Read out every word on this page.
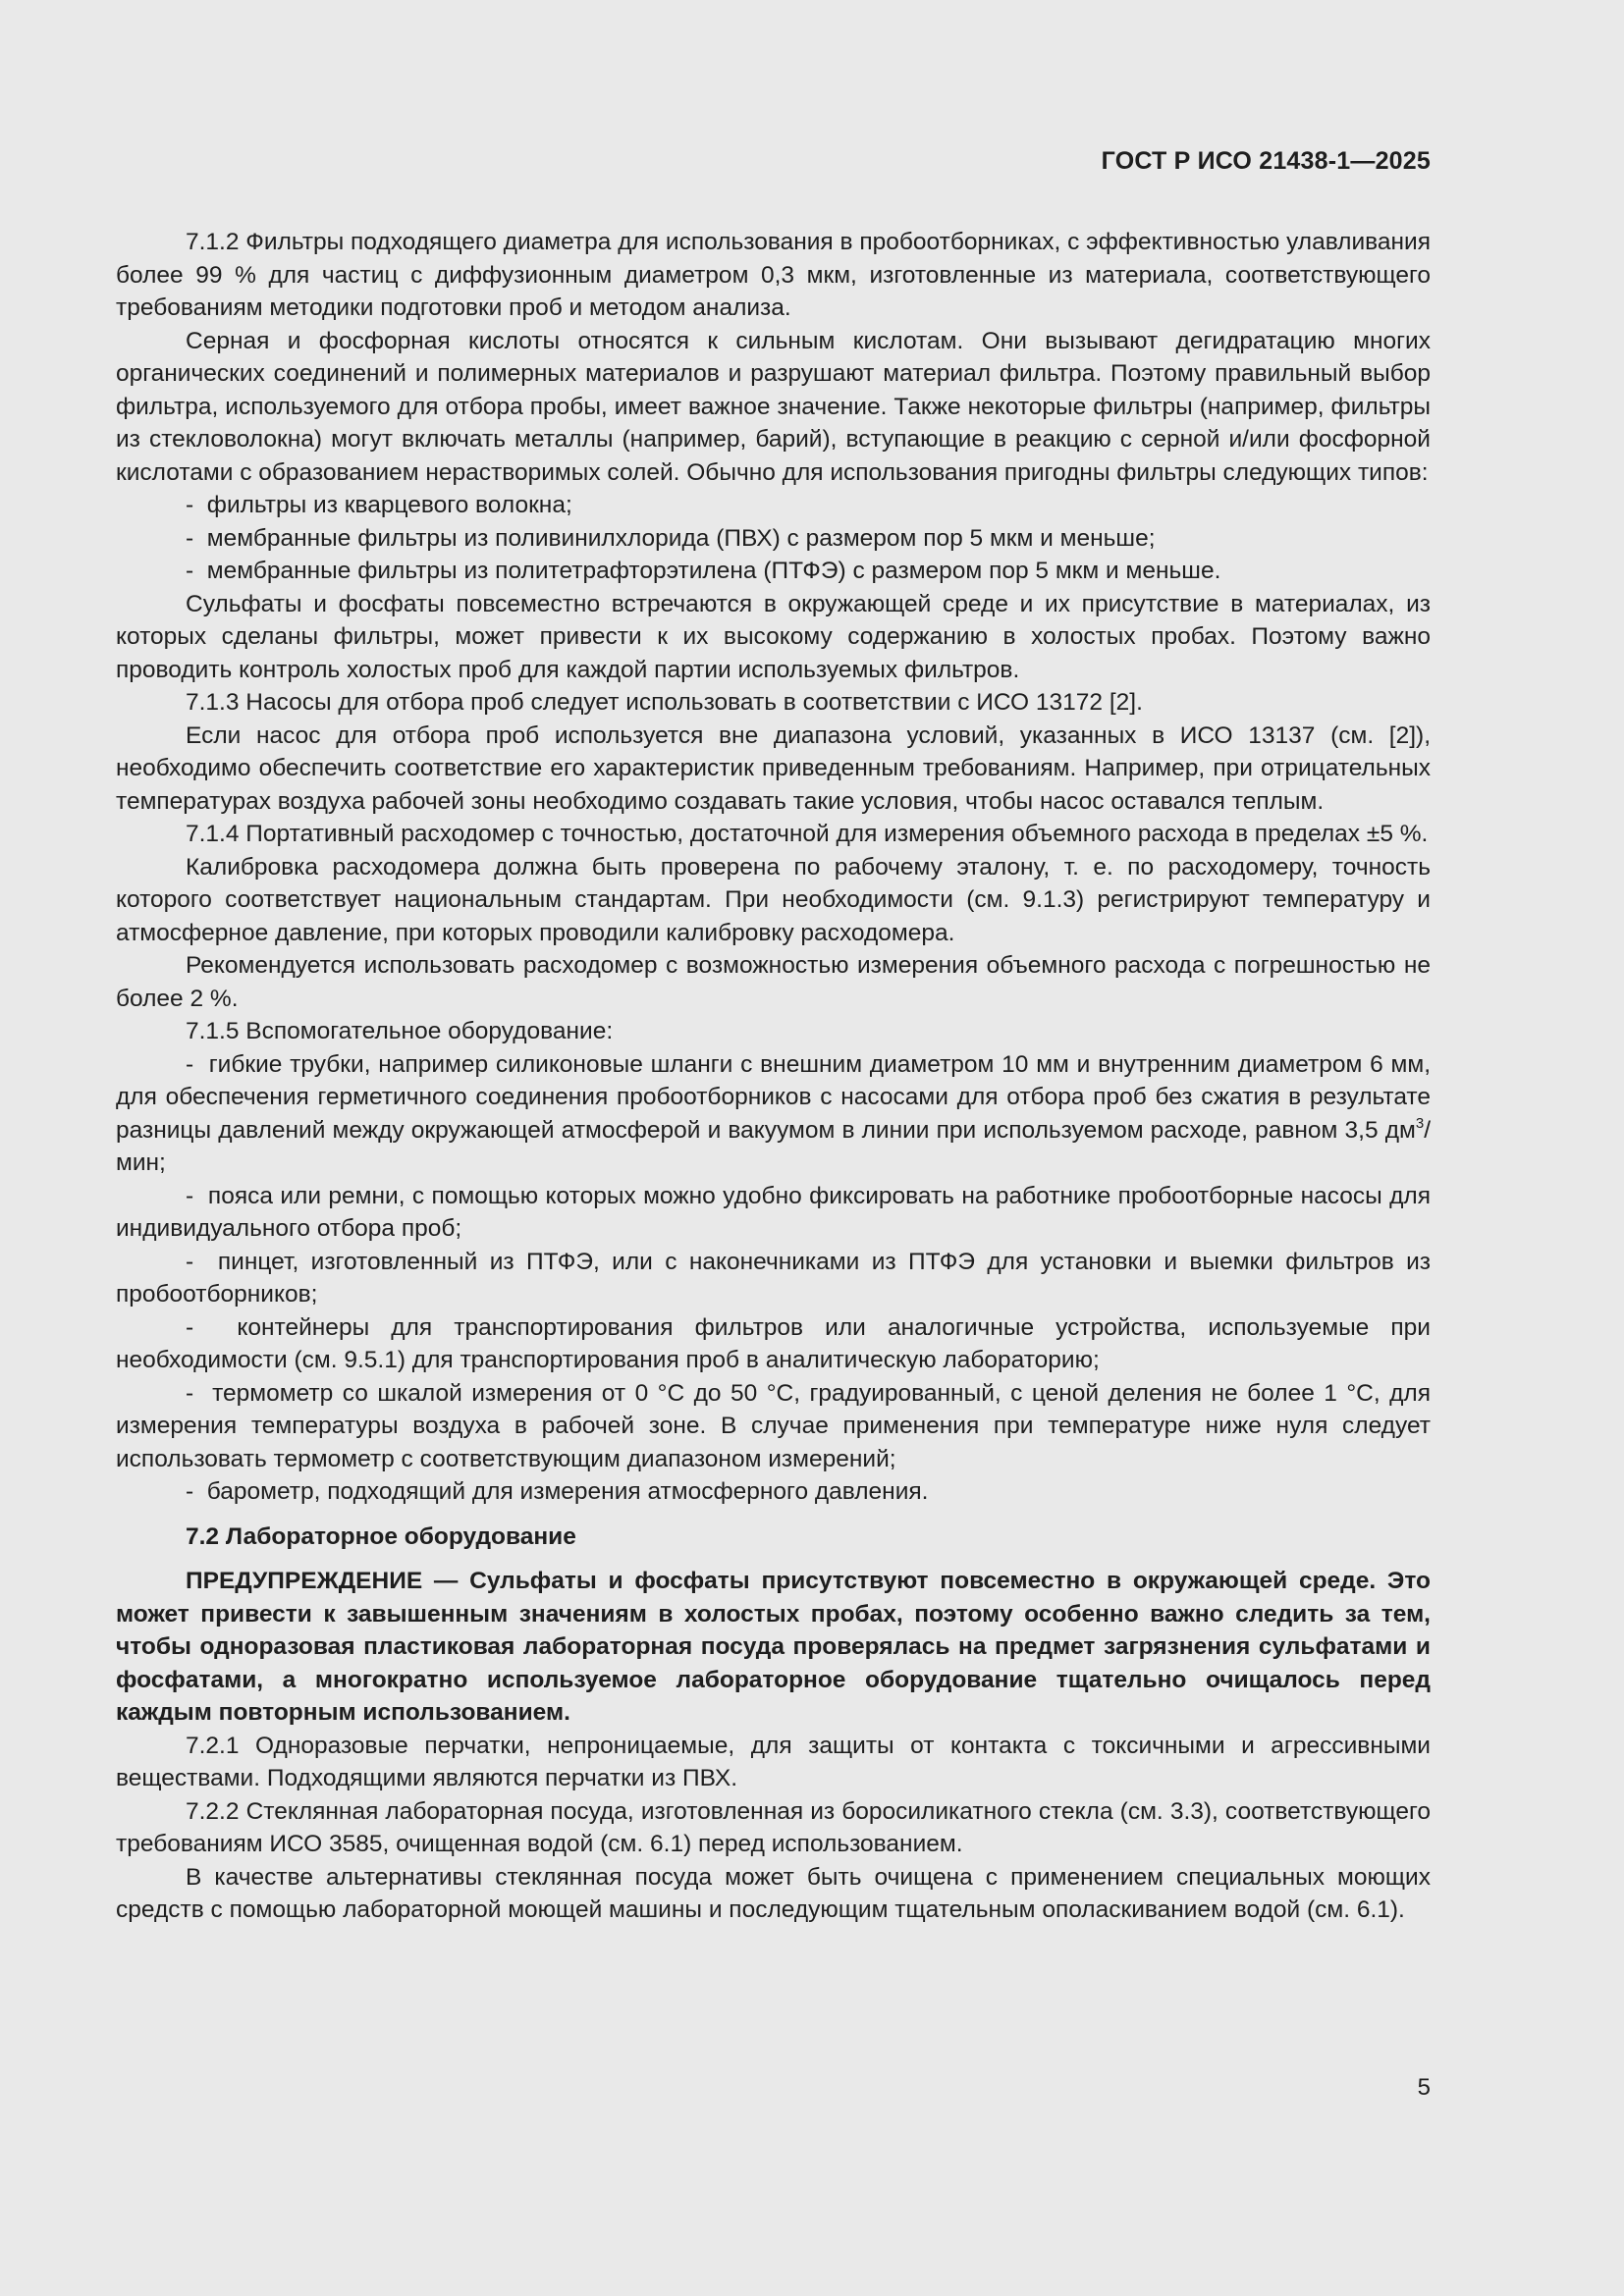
ГОСТ Р ИСО 21438-1—2025

7.1.2 Фильтры подходящего диаметра для использования в пробоотборниках, с эффективностью улавливания более 99 % для частиц с диффузионным диаметром 0,3 мкм, изготовленные из материала, соответствующего требованиям методики подготовки проб и методом анализа.

Серная и фосфорная кислоты относятся к сильным кислотам. Они вызывают дегидратацию многих органических соединений и полимерных материалов и разрушают материал фильтра. Поэтому правильный выбор фильтра, используемого для отбора пробы, имеет важное значение. Также некоторые фильтры (например, фильтры из стекловолокна) могут включать металлы (например, барий), вступающие в реакцию с серной и/или фосфорной кислотами с образованием нерастворимых солей. Обычно для использования пригодны фильтры следующих типов:

-  фильтры из кварцевого волокна;

-  мембранные фильтры из поливинилхлорида (ПВХ) с размером пор 5 мкм и меньше;

-  мембранные фильтры из политетрафторэтилена (ПТФЭ) с размером пор 5 мкм и меньше.

Сульфаты и фосфаты повсеместно встречаются в окружающей среде и их присутствие в материалах, из которых сделаны фильтры, может привести к их высокому содержанию в холостых пробах. Поэтому важно проводить контроль холостых проб для каждой партии используемых фильтров.

7.1.3 Насосы для отбора проб следует использовать в соответствии с ИСО 13172 [2].

Если насос для отбора проб используется вне диапазона условий, указанных в ИСО 13137 (см. [2]), необходимо обеспечить соответствие его характеристик приведенным требованиям. Например, при отрицательных температурах воздуха рабочей зоны необходимо создавать такие условия, чтобы насос оставался теплым.

7.1.4 Портативный расходомер с точностью, достаточной для измерения объемного расхода в пределах ±5 %.

Калибровка расходомера должна быть проверена по рабочему эталону, т. е. по расходомеру, точность которого соответствует национальным стандартам. При необходимости (см. 9.1.3) регистрируют температуру и атмосферное давление, при которых проводили калибровку расходомера.

Рекомендуется использовать расходомер с возможностью измерения объемного расхода с погрешностью не более 2 %.

7.1.5 Вспомогательное оборудование:

-  гибкие трубки, например силиконовые шланги с внешним диаметром 10 мм и внутренним диаметром 6 мм, для обеспечения герметичного соединения пробоотборников с насосами для отбора проб без сжатия в результате разницы давлений между окружающей атмосферой и вакуумом в линии при используемом расходе, равном 3,5 $дм^3$/мин;

-  пояса или ремни, с помощью которых можно удобно фиксировать на работнике пробоотборные насосы для индивидуального отбора проб;

-  пинцет, изготовленный из ПТФЭ, или с наконечниками из ПТФЭ для установки и выемки фильтров из пробоотборников;

-  контейнеры для транспортирования фильтров или аналогичные устройства, используемые при необходимости (см. 9.5.1) для транспортирования проб в аналитическую лабораторию;

-  термометр со шкалой измерения от 0 °С до 50 °С, градуированный, с ценой деления не более 1 °С, для измерения температуры воздуха в рабочей зоне. В случае применения при температуре ниже нуля следует использовать термометр с соответствующим диапазоном измерений;

-  барометр, подходящий для измерения атмосферного давления.

7.2 Лабораторное оборудование

ПРЕДУПРЕЖДЕНИЕ — Сульфаты и фосфаты присутствуют повсеместно в окружающей среде. Это может привести к завышенным значениям в холостых пробах, поэтому особенно важно следить за тем, чтобы одноразовая пластиковая лабораторная посуда проверялась на предмет загрязнения сульфатами и фосфатами, а многократно используемое лабораторное оборудование тщательно очищалось перед каждым повторным использованием.

7.2.1 Одноразовые перчатки, непроницаемые, для защиты от контакта с токсичными и агрессивными веществами. Подходящими являются перчатки из ПВХ.

7.2.2 Стеклянная лабораторная посуда, изготовленная из боросиликатного стекла (см. 3.3), соответствующего требованиям ИСО 3585, очищенная водой (см. 6.1) перед использованием.

В качестве альтернативы стеклянная посуда может быть очищена с применением специальных моющих средств с помощью лабораторной моющей машины и последующим тщательным ополаскиванием водой (см. 6.1).

5
